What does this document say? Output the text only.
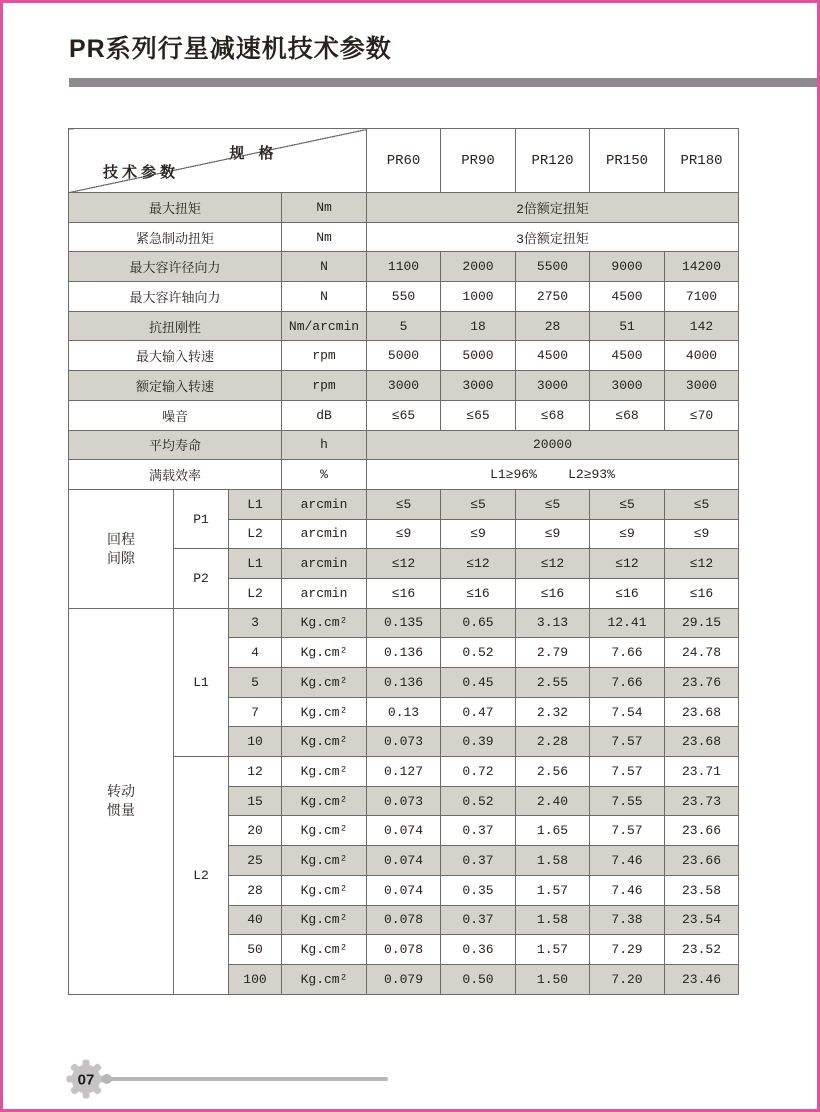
PR系列行星减速机技术参数
规 格
技术参数				PR60	PR90	PR120	PR150	PR180
最大扭矩			Nm	2倍额定扭矩				
紧急制动扭矩			Nm	3倍额定扭矩				
最大容许径向力			N	1100	2000	5500	9000	14200
最大容许轴向力			N	550	1000	2750	4500	7100
抗扭刚性			Nm/arcmin	5	18	28	51	142
最大输入转速			rpm	5000	5000	4500	4500	4000
额定输入转速			rpm	3000	3000	3000	3000	3000
噪音			dB	≤65	≤65	≤68	≤68	≤70
平均寿命			h	20000				
满载效率			%	L1≥96%    L2≥93%				

回程
间隙	P1	L1	arcmin	≤5	≤5	≤5	≤5	≤5
		L2	arcmin	≤9	≤9	≤9	≤9	≤9
	P2	L1	arcmin	≤12	≤12	≤12	≤12	≤12
		L2	arcmin	≤16	≤16	≤16	≤16	≤16

转动
惯量	L1	3	Kg.cm²	0.135	0.65	3.13	12.41	29.15
		4	Kg.cm²	0.136	0.52	2.79	7.66	24.78
		5	Kg.cm²	0.136	0.45	2.55	7.66	23.76
		7	Kg.cm²	0.13	0.47	2.32	7.54	23.68
		10	Kg.cm²	0.073	0.39	2.28	7.57	23.68
	L2	12	Kg.cm²	0.127	0.72	2.56	7.57	23.71
		15	Kg.cm²	0.073	0.52	2.40	7.55	23.73
		20	Kg.cm²	0.074	0.37	1.65	7.57	23.66
		25	Kg.cm²	0.074	0.37	1.58	7.46	23.66
		28	Kg.cm²	0.074	0.35	1.57	7.46	23.58
		40	Kg.cm²	0.078	0.37	1.58	7.38	23.54
		50	Kg.cm²	0.078	0.36	1.57	7.29	23.52
		100	Kg.cm²	0.079	0.50	1.50	7.20	23.46
07
